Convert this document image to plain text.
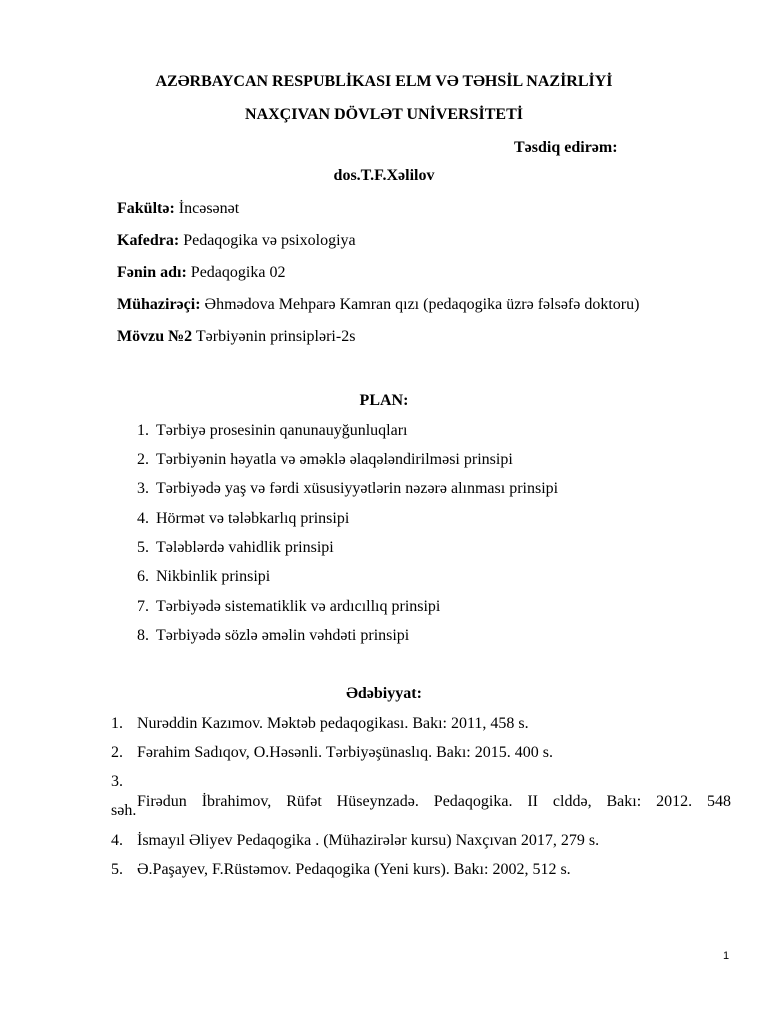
AZƏRBAYCAN RESPUBLİKASI ELM VƏ TƏHSİL NAZİRLİYİ
NAXÇIVAN DÖVLƏT UNİVERSİTETİ
Təsdiq edirəm:
dos.T.F.Xəlilov
Fakültə: İncəsənət
Kafedra: Pedaqogika və psixologiya
Fənin adı: Pedaqogika 02
Mühazirəçi: Əhmədova Mehparə Kamran qızı (pedaqogika üzrə fəlsəfə doktoru)
Mövzu №2 Tərbiyənin prinsipləri-2s
PLAN:
1. Tərbiyə prosesinin qanunauyğunluqları
2. Tərbiyənin həyatla və əməklə əlaqələndirilməsi prinsipi
3. Tərbiyədə yaş və fərdi xüsusiyyətlərin nəzərə alınması prinsipi
4. Hörmət və tələbkarlıq prinsipi
5. Tələblərdə vahidlik prinsipi
6. Nikbinlik prinsipi
7. Tərbiyədə sistematiklik və ardıcıllıq prinsipi
8. Tərbiyədə sözlə əməlin vəhdəti prinsipi
Ədəbiyyat:
1. Nurəddin Kazımov. Məktəb pedaqogikası. Bakı: 2011, 458 s.
2. Fərahim Sadıqov, O.Həsənli. Tərbiyəşünaslıq. Bakı: 2015. 400 s.
3.
Firədun İbrahimov, Rüfət Hüseynzadə. Pedaqogika. II clddə, Bakı: 2012. 548
səh.
4. İsmayıl Əliyev Pedaqogika . (Mühazirələr kursu) Naxçıvan 2017, 279 s.
5. Ə.Paşayev, F.Rüstəmov. Pedaqogika (Yeni kurs). Bakı: 2002, 512 s.
1
